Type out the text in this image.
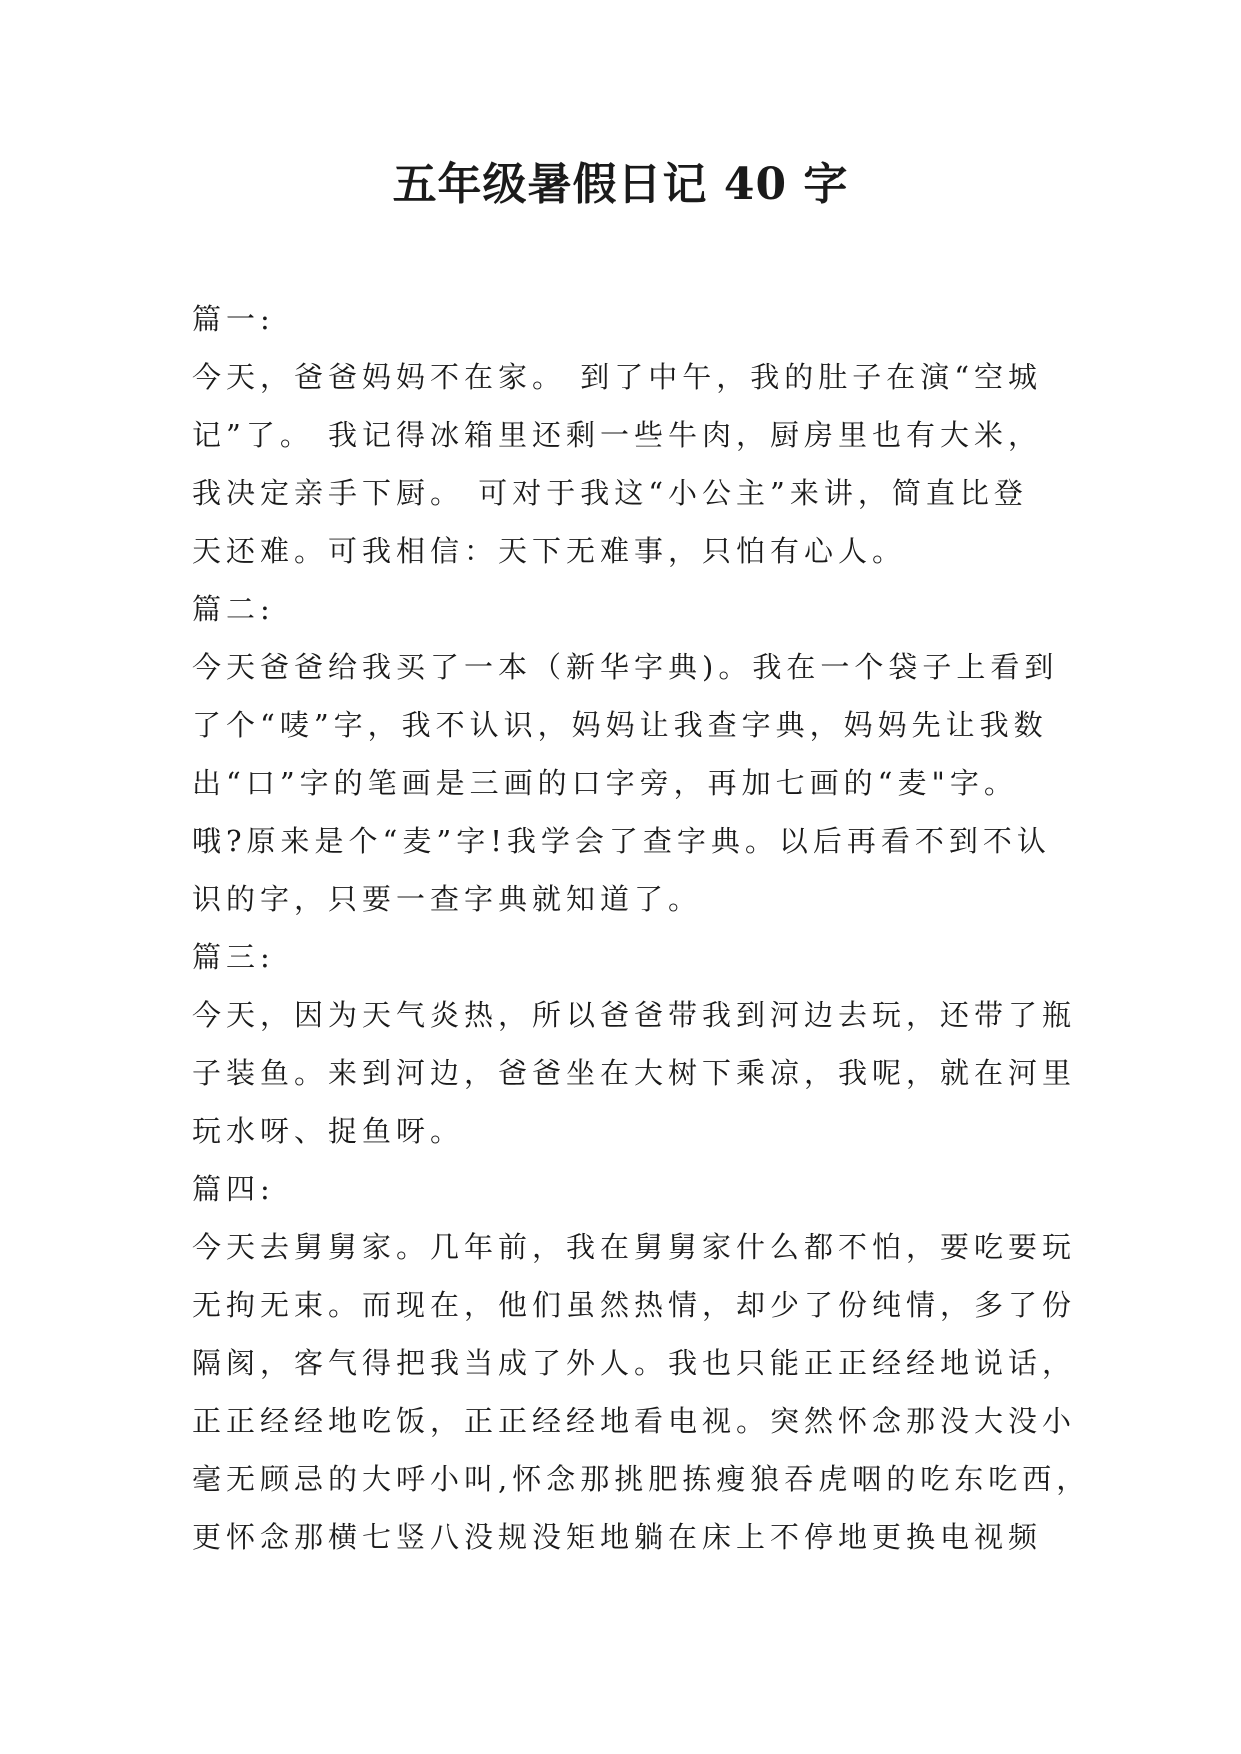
五年级暑假日记 40 字
篇一:
今天，爸爸妈妈不在家。 到了中午，我的肚子在演“空城
记”了。 我记得冰箱里还剩一些牛肉，厨房里也有大米，
我决定亲手下厨。 可对于我这“小公主”来讲，简直比登
天还难。可我相信：天下无难事，只怕有心人。
篇二:
今天爸爸给我买了一本（新华字典)。我在一个袋子上看到
了个“唛”字，我不认识，妈妈让我查字典，妈妈先让我数
出“口”字的笔画是三画的口字旁，再加七画的“麦"字。
哦?原来是个“麦”字!我学会了查字典。以后再看不到不认
识的字，只要一查字典就知道了。
篇三:
今天，因为天气炎热，所以爸爸带我到河边去玩，还带了瓶
子装鱼。来到河边，爸爸坐在大树下乘凉，我呢，就在河里
玩水呀、捉鱼呀。
篇四:
今天去舅舅家。几年前，我在舅舅家什么都不怕，要吃要玩
无拘无束。而现在，他们虽然热情，却少了份纯情，多了份
隔阂，客气得把我当成了外人。我也只能正正经经地说话，
正正经经地吃饭，正正经经地看电视。突然怀念那没大没小
毫无顾忌的大呼小叫,怀念那挑肥拣瘦狼吞虎咽的吃东吃西，
更怀念那横七竖八没规没矩地躺在床上不停地更换电视频
